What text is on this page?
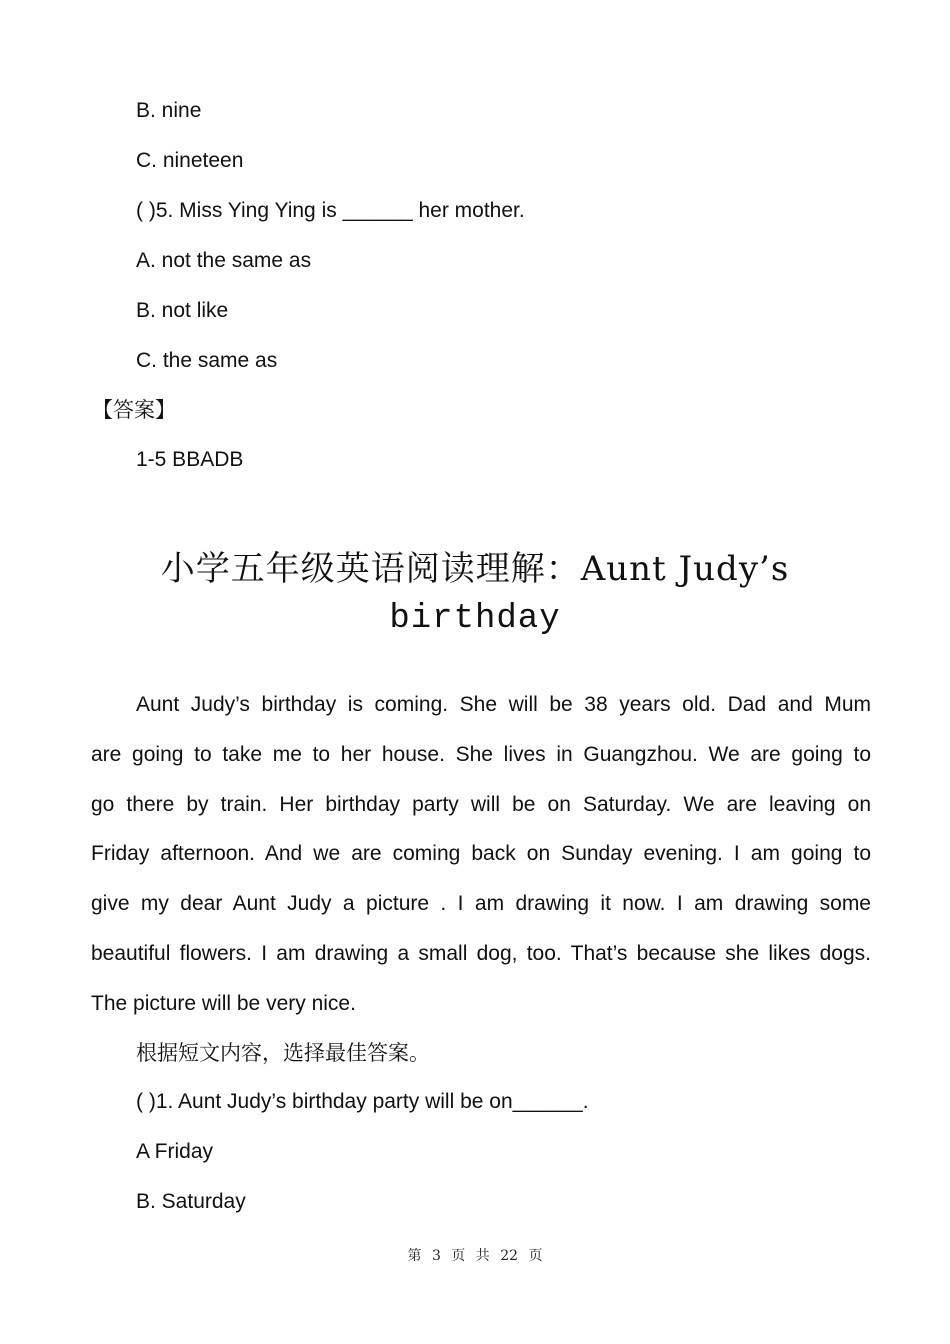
B. nine
C. nineteen
( )5. Miss Ying Ying is ______ her mother.
A. not the same as
B. not like
C. the same as
【答案】
1-5 BBADB
小学五年级英语阅读理解：Aunt Judy’s
birthday
Aunt Judy’s birthday is coming. She will be 38 years old. Dad and Mum
are going to take me to her house. She lives in Guangzhou. We are going to
go there by train. Her birthday party will be on Saturday. We are leaving on
Friday afternoon. And we are coming back on Sunday evening. I am going to
give my dear Aunt Judy a picture . I am drawing it now. I am drawing some
beautiful flowers. I am drawing a small dog, too. That’s because she likes dogs.
The picture will be very nice.
根据短文内容，选择最佳答案。
( )1. Aunt Judy’s birthday party will be on______.
A Friday
B. Saturday
第 3 页 共 22 页
